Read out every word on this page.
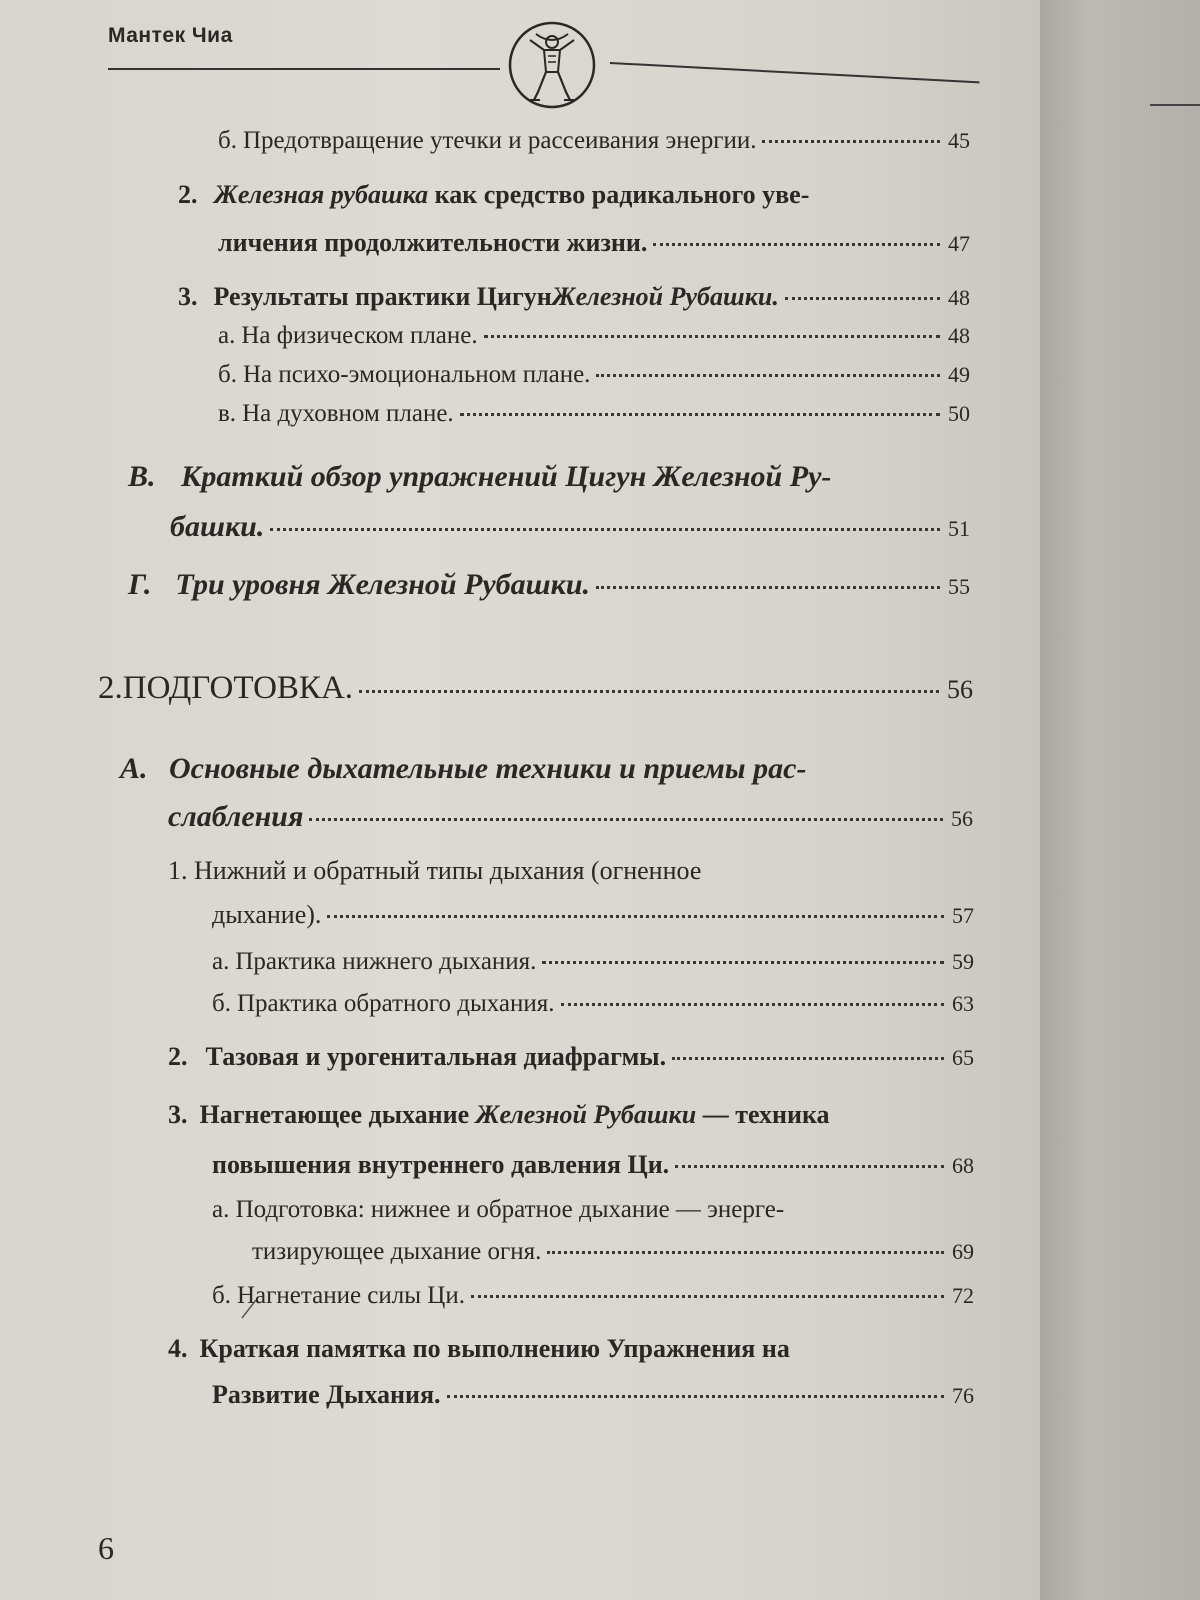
Мантек Чиа
б. Предотвращение утечки и рассеивания энергии.	45
2. Железная рубашка как средство радикального уве-
личения продолжительности жизни.	47
3. Результаты практики Цигун Железной Рубашки.	48
а. На физическом плане.	48
б. На психо-эмоциональном плане.	49
в. На духовном плане.	50
В. Краткий обзор упражнений Цигун Железной Ру-
башки.	51
Г. Три уровня Железной Рубашки.	55
2.ПОДГОТОВКА.	56
А. Основные дыхательные техники и приемы рас-
слабления	56
1. Нижний и обратный типы дыхания (огненное
дыхание).	57
а. Практика нижнего дыхания.	59
б. Практика обратного дыхания.	63
2. Тазовая и урогенитальная диафрагмы.	65
3. Нагнетающее дыхание Железной Рубашки — техника
повышения внутреннего давления Ци.	68
а. Подготовка: нижнее и обратное дыхание — энерге-
тизирующее дыхание огня.	69
б. Нагнетание силы Ци.	72
4. Краткая памятка по выполнению Упражнения на
Развитие Дыхания.	76
6
